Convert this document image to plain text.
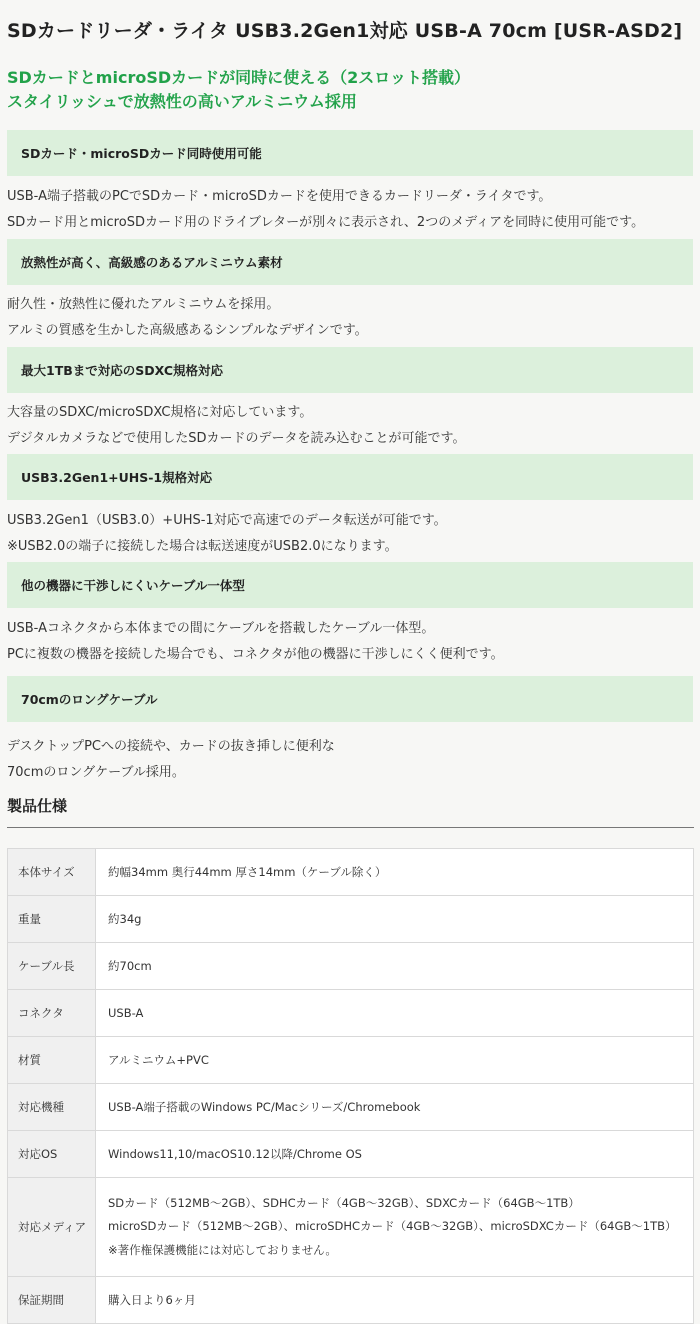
SDカードリーダ・ライタ USB3.2Gen1対応 USB-A 70cm [USR-ASD2]
SDカードとmicroSDカードが同時に使える（2スロット搭載）
スタイリッシュで放熱性の高いアルミニウム採用
SDカード・microSDカード同時使用可能
USB-A端子搭載のPCでSDカード・microSDカードを使用できるカードリーダ・ライタです。
SDカード用とmicroSDカード用のドライブレターが別々に表示され、2つのメディアを同時に使用可能です。
放熱性が高く、高級感のあるアルミニウム素材
耐久性・放熱性に優れたアルミニウムを採用。
アルミの質感を生かした高級感あるシンプルなデザインです。
最大1TBまで対応のSDXC規格対応
大容量のSDXC/microSDXC規格に対応しています。
デジタルカメラなどで使用したSDカードのデータを読み込むことが可能です。
USB3.2Gen1+UHS-1規格対応
USB3.2Gen1（USB3.0）+UHS-1対応で高速でのデータ転送が可能です。
※USB2.0の端子に接続した場合は転送速度がUSB2.0になります。
他の機器に干渉しにくいケーブル一体型
USB-Aコネクタから本体までの間にケーブルを搭載したケーブル一体型。
PCに複数の機器を接続した場合でも、コネクタが他の機器に干渉しにくく便利です。
70cmのロングケーブル
デスクトップPCへの接続や、カードの抜き挿しに便利な
70cmのロングケーブル採用。
製品仕様
本体サイズ	約幅34mm 奥行44mm 厚さ14mm（ケーブル除く）
重量	約34g
ケーブル長	約70cm
コネクタ	USB-A
材質	アルミニウム+PVC
対応機種	USB-A端子搭載のWindows PC/Macシリーズ/Chromebook
対応OS	Windows11,10/macOS10.12以降/Chrome OS
対応メディア	SDカード（512MB～2GB）、SDHCカード（4GB～32GB）、SDXCカード（64GB～1TB）
microSDカード（512MB～2GB）、microSDHCカード（4GB～32GB）、microSDXCカード（64GB～1TB）
※著作権保護機能には対応しておりません。

保証期間	購入日より6ヶ月
